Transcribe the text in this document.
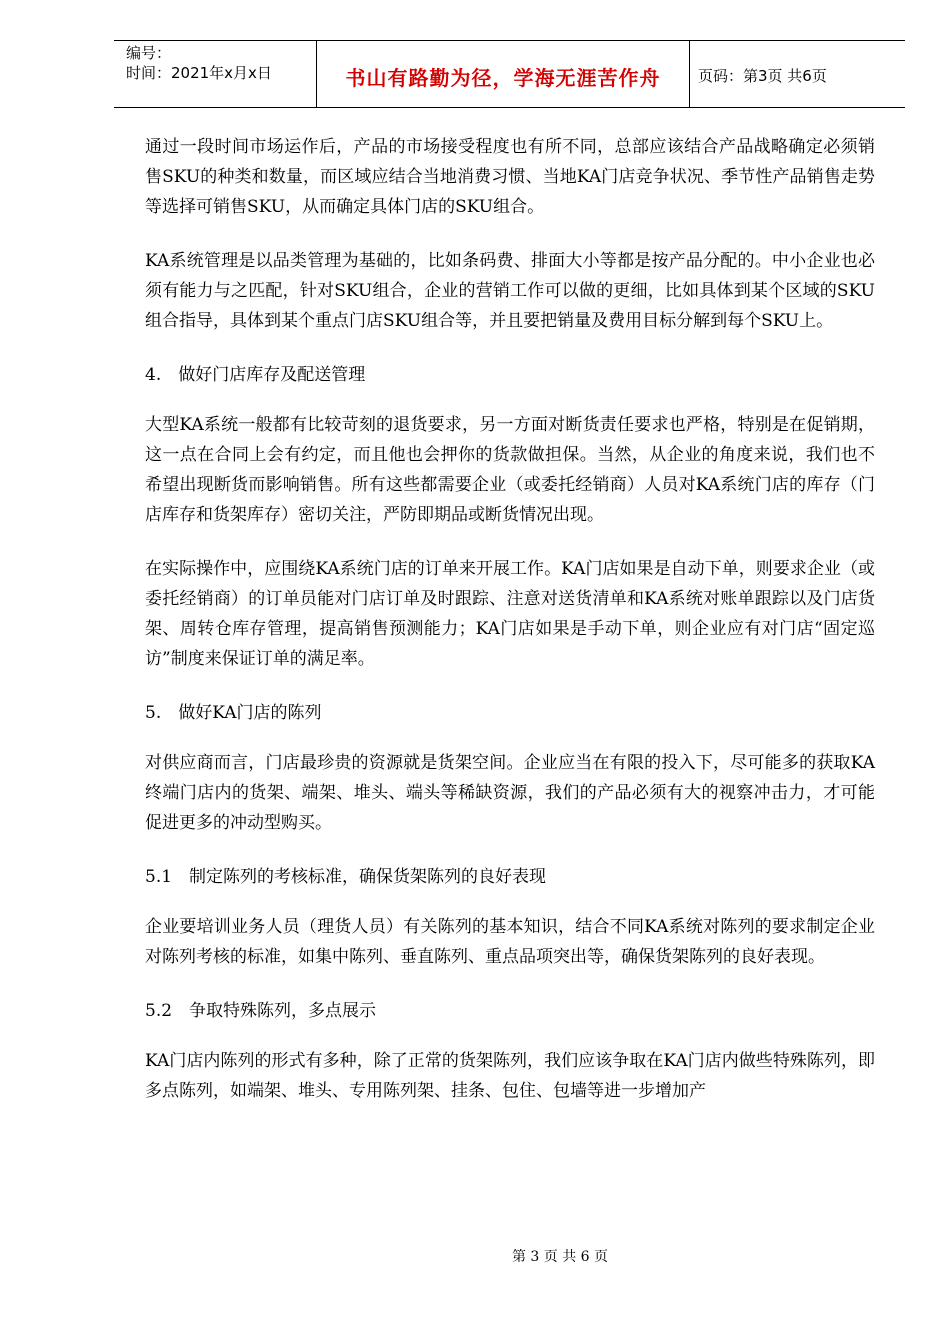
编号：
时间：2021年x月x日	书山有路勤为径，学海无涯苦作舟	页码：第3页 共6页

通过一段时间市场运作后，产品的市场接受程度也有所不同，总部应该结合产品战略确定必须销售SKU的种类和数量，而区域应结合当地消费习惯、当地KA门店竞争状况、季节性产品销售走势等选择可销售SKU，从而确定具体门店的SKU组合。

KA系统管理是以品类管理为基础的，比如条码费、排面大小等都是按产品分配的。中小企业也必须有能力与之匹配，针对SKU组合，企业的营销工作可以做的更细，比如具体到某个区域的SKU组合指导，具体到某个重点门店SKU组合等，并且要把销量及费用目标分解到每个SKU上。

4.　做好门店库存及配送管理

大型KA系统一般都有比较苛刻的退货要求，另一方面对断货责任要求也严格，特别是在促销期，这一点在合同上会有约定，而且他也会押你的货款做担保。当然，从企业的角度来说，我们也不希望出现断货而影响销售。所有这些都需要企业（或委托经销商）人员对KA系统门店的库存（门店库存和货架库存）密切关注，严防即期品或断货情况出现。

在实际操作中，应围绕KA系统门店的订单来开展工作。KA门店如果是自动下单，则要求企业（或委托经销商）的订单员能对门店订单及时跟踪、注意对送货清单和KA系统对账单跟踪以及门店货架、周转仓库存管理，提高销售预测能力；KA门店如果是手动下单，则企业应有对门店“固定巡访”制度来保证订单的满足率。

5.　做好KA门店的陈列

对供应商而言，门店最珍贵的资源就是货架空间。企业应当在有限的投入下，尽可能多的获取KA终端门店内的货架、端架、堆头、端头等稀缺资源，我们的产品必须有大的视察冲击力，才可能促进更多的冲动型购买。

5.1　制定陈列的考核标准，确保货架陈列的良好表现

企业要培训业务人员（理货人员）有关陈列的基本知识，结合不同KA系统对陈列的要求制定企业对陈列考核的标准，如集中陈列、垂直陈列、重点品项突出等，确保货架陈列的良好表现。

5.2　争取特殊陈列，多点展示

KA门店内陈列的形式有多种，除了正常的货架陈列，我们应该争取在KA门店内做些特殊陈列，即多点陈列，如端架、堆头、专用陈列架、挂条、包住、包墙等进一步增加产

第 3 页 共 6 页
